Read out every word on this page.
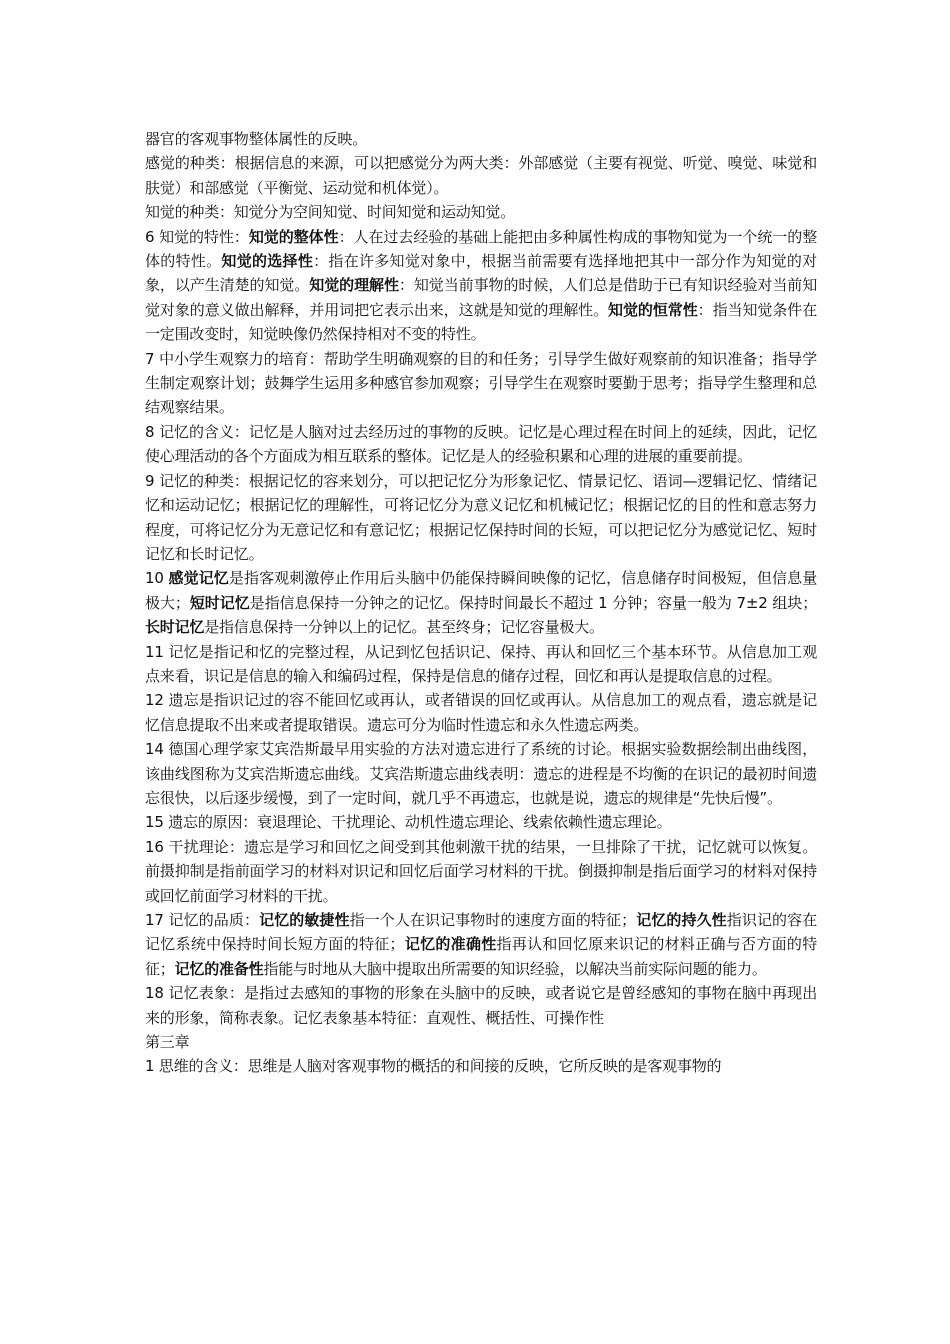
器官的客观事物整体属性的反映。

感觉的种类：根据信息的来源，可以把感觉分为两大类：外部感觉（主要有视觉、听觉、嗅觉、味觉和肤觉）和部感觉（平衡觉、运动觉和机体觉）。

知觉的种类：知觉分为空间知觉、时间知觉和运动知觉。

6 知觉的特性：知觉的整体性：人在过去经验的基础上能把由多种属性构成的事物知觉为一个统一的整体的特性。知觉的选择性：指在许多知觉对象中，根据当前需要有选择地把其中一部分作为知觉的对象，以产生清楚的知觉。知觉的理解性：知觉当前事物的时候，人们总是借助于已有知识经验对当前知觉对象的意义做出解释，并用词把它表示出来，这就是知觉的理解性。知觉的恒常性：指当知觉条件在一定围改变时，知觉映像仍然保持相对不变的特性。

7 中小学生观察力的培育：帮助学生明确观察的目的和任务；引导学生做好观察前的知识准备；指导学生制定观察计划；鼓舞学生运用多种感官参加观察；引导学生在观察时要勤于思考；指导学生整理和总结观察结果。

8 记忆的含义：记忆是人脑对过去经历过的事物的反映。记忆是心理过程在时间上的延续，因此，记忆使心理活动的各个方面成为相互联系的整体。记忆是人的经验积累和心理的进展的重要前提。

9 记忆的种类：根据记忆的容来划分，可以把记忆分为形象记忆、情景记忆、语词—逻辑记忆、情绪记忆和运动记忆；根据记忆的理解性，可将记忆分为意义记忆和机械记忆；根据记忆的目的性和意志努力程度，可将记忆分为无意记忆和有意记忆；根据记忆保持时间的长短，可以把记忆分为感觉记忆、短时记忆和长时记忆。

10 感觉记忆是指客观刺激停止作用后头脑中仍能保持瞬间映像的记忆，信息储存时间极短，但信息量极大；短时记忆是指信息保持一分钟之的记忆。保持时间最长不超过 1 分钟；容量一般为 7±2 组块；长时记忆是指信息保持一分钟以上的记忆。甚至终身；记忆容量极大。

11 记忆是指记和忆的完整过程，从记到忆包括识记、保持、再认和回忆三个基本环节。从信息加工观点来看，识记是信息的输入和编码过程，保持是信息的储存过程，回忆和再认是提取信息的过程。

12 遗忘是指识记过的容不能回忆或再认，或者错误的回忆或再认。从信息加工的观点看，遗忘就是记忆信息提取不出来或者提取错误。遗忘可分为临时性遗忘和永久性遗忘两类。

14 德国心理学家艾宾浩斯最早用实验的方法对遗忘进行了系统的讨论。根据实验数据绘制出曲线图，该曲线图称为艾宾浩斯遗忘曲线。艾宾浩斯遗忘曲线表明：遗忘的进程是不均衡的在识记的最初时间遗忘很快，以后逐步缓慢，到了一定时间，就几乎不再遗忘，也就是说，遗忘的规律是“先快后慢”。

15 遗忘的原因：衰退理论、干扰理论、动机性遗忘理论、线索依赖性遗忘理论。

16 干扰理论：遗忘是学习和回忆之间受到其他刺激干扰的结果，一旦排除了干扰，记忆就可以恢复。前摄抑制是指前面学习的材料对识记和回忆后面学习材料的干扰。倒摄抑制是指后面学习的材料对保持或回忆前面学习材料的干扰。

17 记忆的品质：记忆的敏捷性指一个人在识记事物时的速度方面的特征；记忆的持久性指识记的容在记忆系统中保持时间长短方面的特征；记忆的准确性指再认和回忆原来识记的材料正确与否方面的特征；记忆的准备性指能与时地从大脑中提取出所需要的知识经验，以解决当前实际问题的能力。

18 记忆表象：是指过去感知的事物的形象在头脑中的反映，或者说它是曾经感知的事物在脑中再现出来的形象，简称表象。记忆表象基本特征：直观性、概括性、可操作性

第三章

1 思维的含义：思维是人脑对客观事物的概括的和间接的反映，它所反映的是客观事物的
